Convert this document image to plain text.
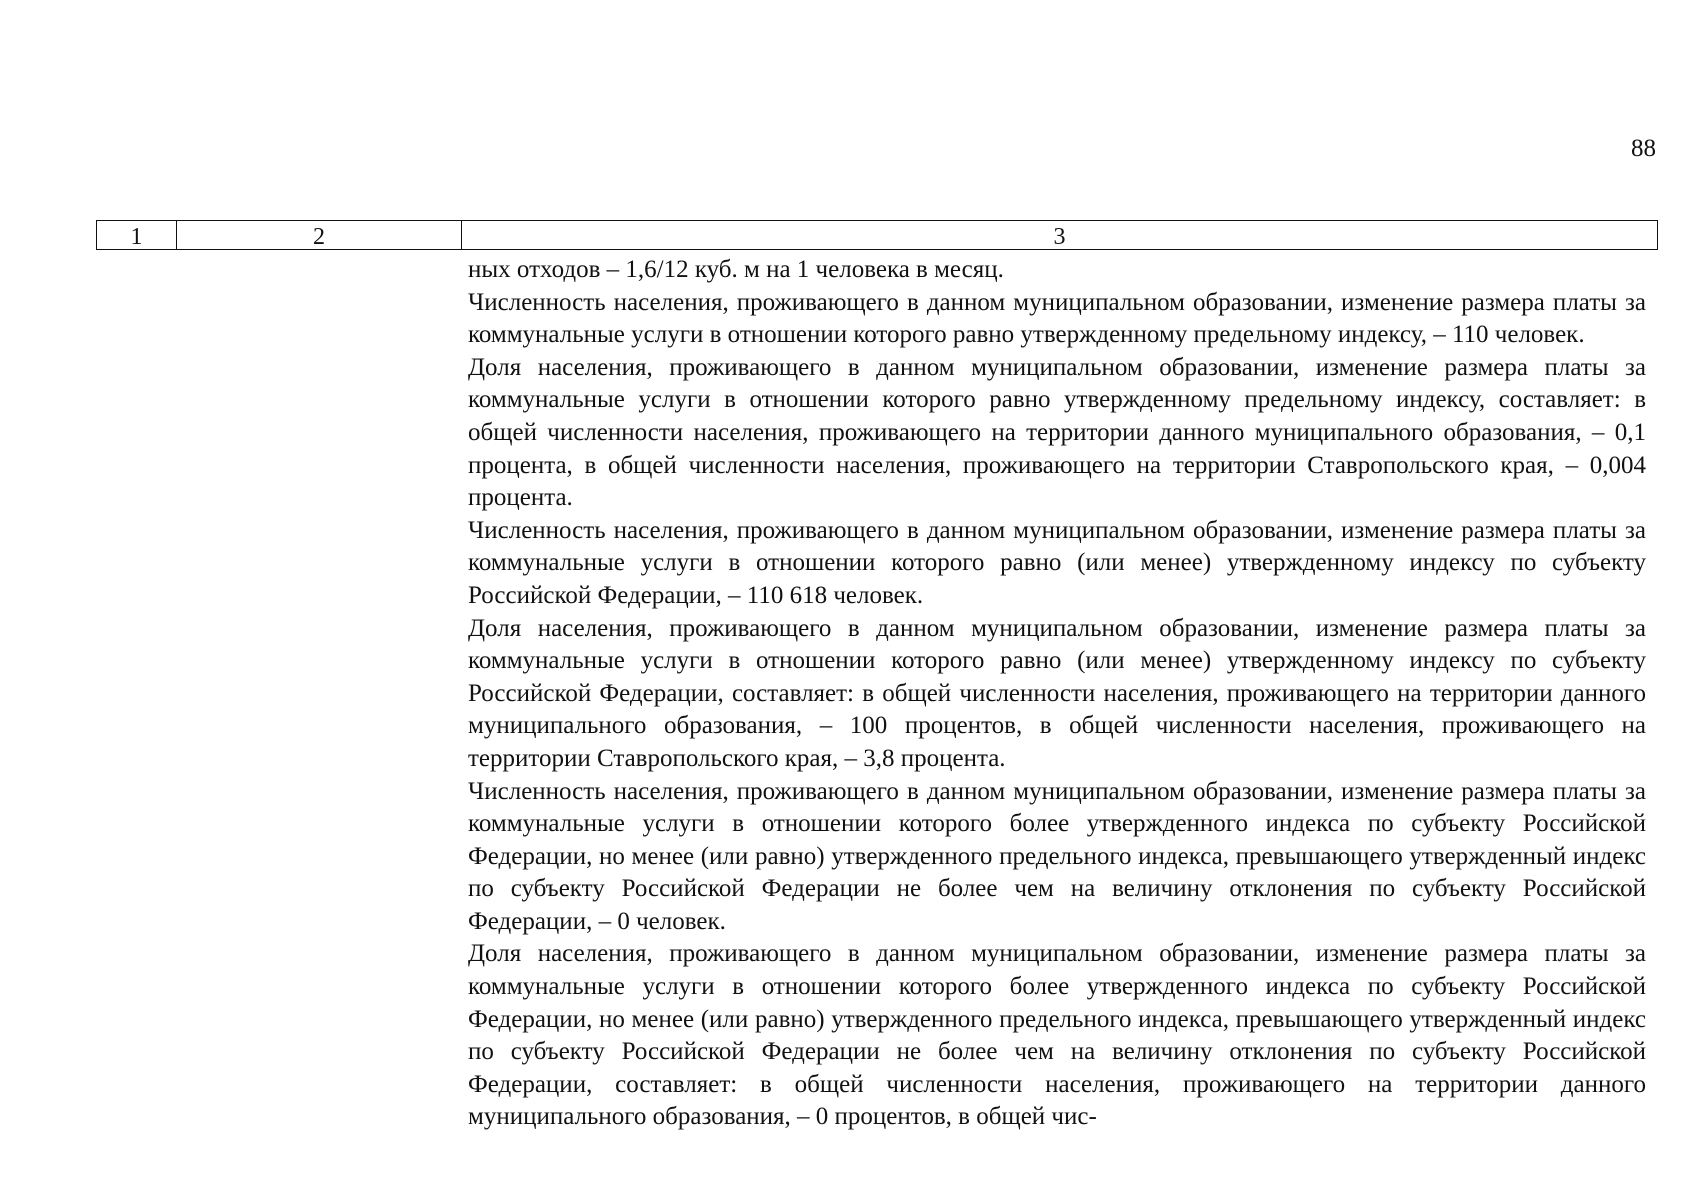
88
1	2	3

ных отходов – 1,6/12 куб. м на 1 человека в месяц.

Численность населения, проживающего в данном муниципальном образовании, изменение размера платы за коммунальные услуги в отношении которого равно утвержденному предельному индексу, – 110 человек.

Доля населения, проживающего в данном муниципальном образовании, изменение размера платы за коммунальные услуги в отношении которого равно утвержденному предельному индексу, составляет: в общей численности населения, проживающего на территории данного муниципального образования, – 0,1 процента, в общей численности населения, проживающего на территории Ставропольского края, – 0,004 процента.

Численность населения, проживающего в данном муниципальном образовании, изменение размера платы за коммунальные услуги в отношении которого равно (или менее) утвержденному индексу по субъекту Российской Федерации, – 110 618 человек.

Доля населения, проживающего в данном муниципальном образовании, изменение размера платы за коммунальные услуги в отношении которого равно (или менее) утвержденному индексу по субъекту Российской Федерации, составляет: в общей численности населения, проживающего на территории данного муниципального образования, – 100 процентов, в общей численности населения, проживающего на территории Ставропольского края, – 3,8 процента.

Численность населения, проживающего в данном муниципальном образовании, изменение размера платы за коммунальные услуги в отношении которого более утвержденного индекса по субъекту Российской Федерации, но менее (или равно) утвержденного предельного индекса, превышающего утвержденный индекс по субъекту Российской Федерации не более чем на величину отклонения по субъекту Российской Федерации, – 0 человек.

Доля населения, проживающего в данном муниципальном образовании, изменение размера платы за коммунальные услуги в отношении которого более утвержденного индекса по субъекту Российской Федерации, но менее (или равно) утвержденного предельного индекса, превышающего утвержденный индекс по субъекту Российской Федерации не более чем на величину отклонения по субъекту Российской Федерации, составляет: в общей численности населения, проживающего на территории данного муниципального образования, – 0 процентов, в общей чис-
